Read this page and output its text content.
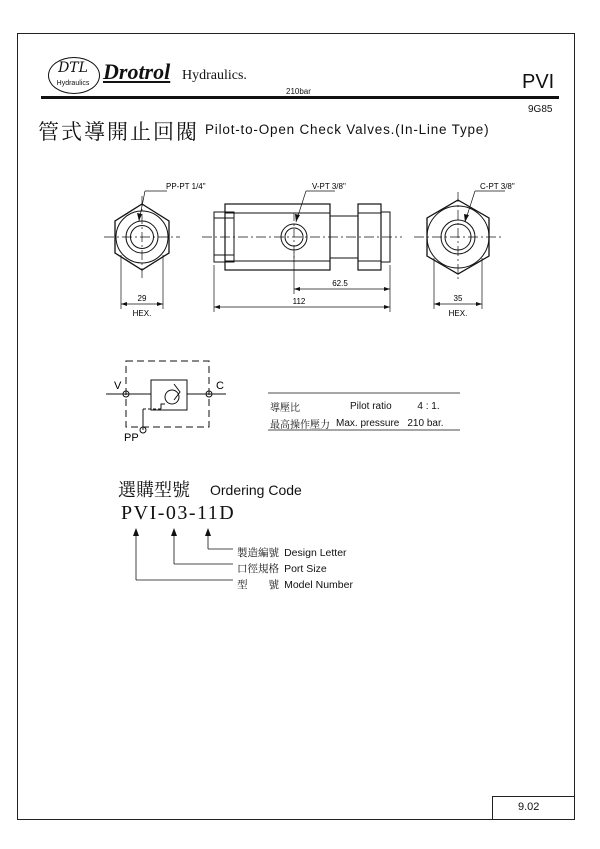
DTL
Hydraulics Drotrol Hydraulics.
210bar	PVI
9G85
管式導開止回閥 Pilot-to-Open Check Valves.(In-Line Type)
PP-PT 1/4"	V-PT 3/8"	C-PT 3/8"
29
HEX.
62.5
112	35
HEX.
V	C
PP
導壓比	Pilot ratio	4 : 1.
最高操作壓力	Max. pressure	210 bar.
選購型號 Ordering Code
PVI-03-11D
製造編號 Design Letter
口徑規格 Port Size
型　　號 Model Number
9.02
